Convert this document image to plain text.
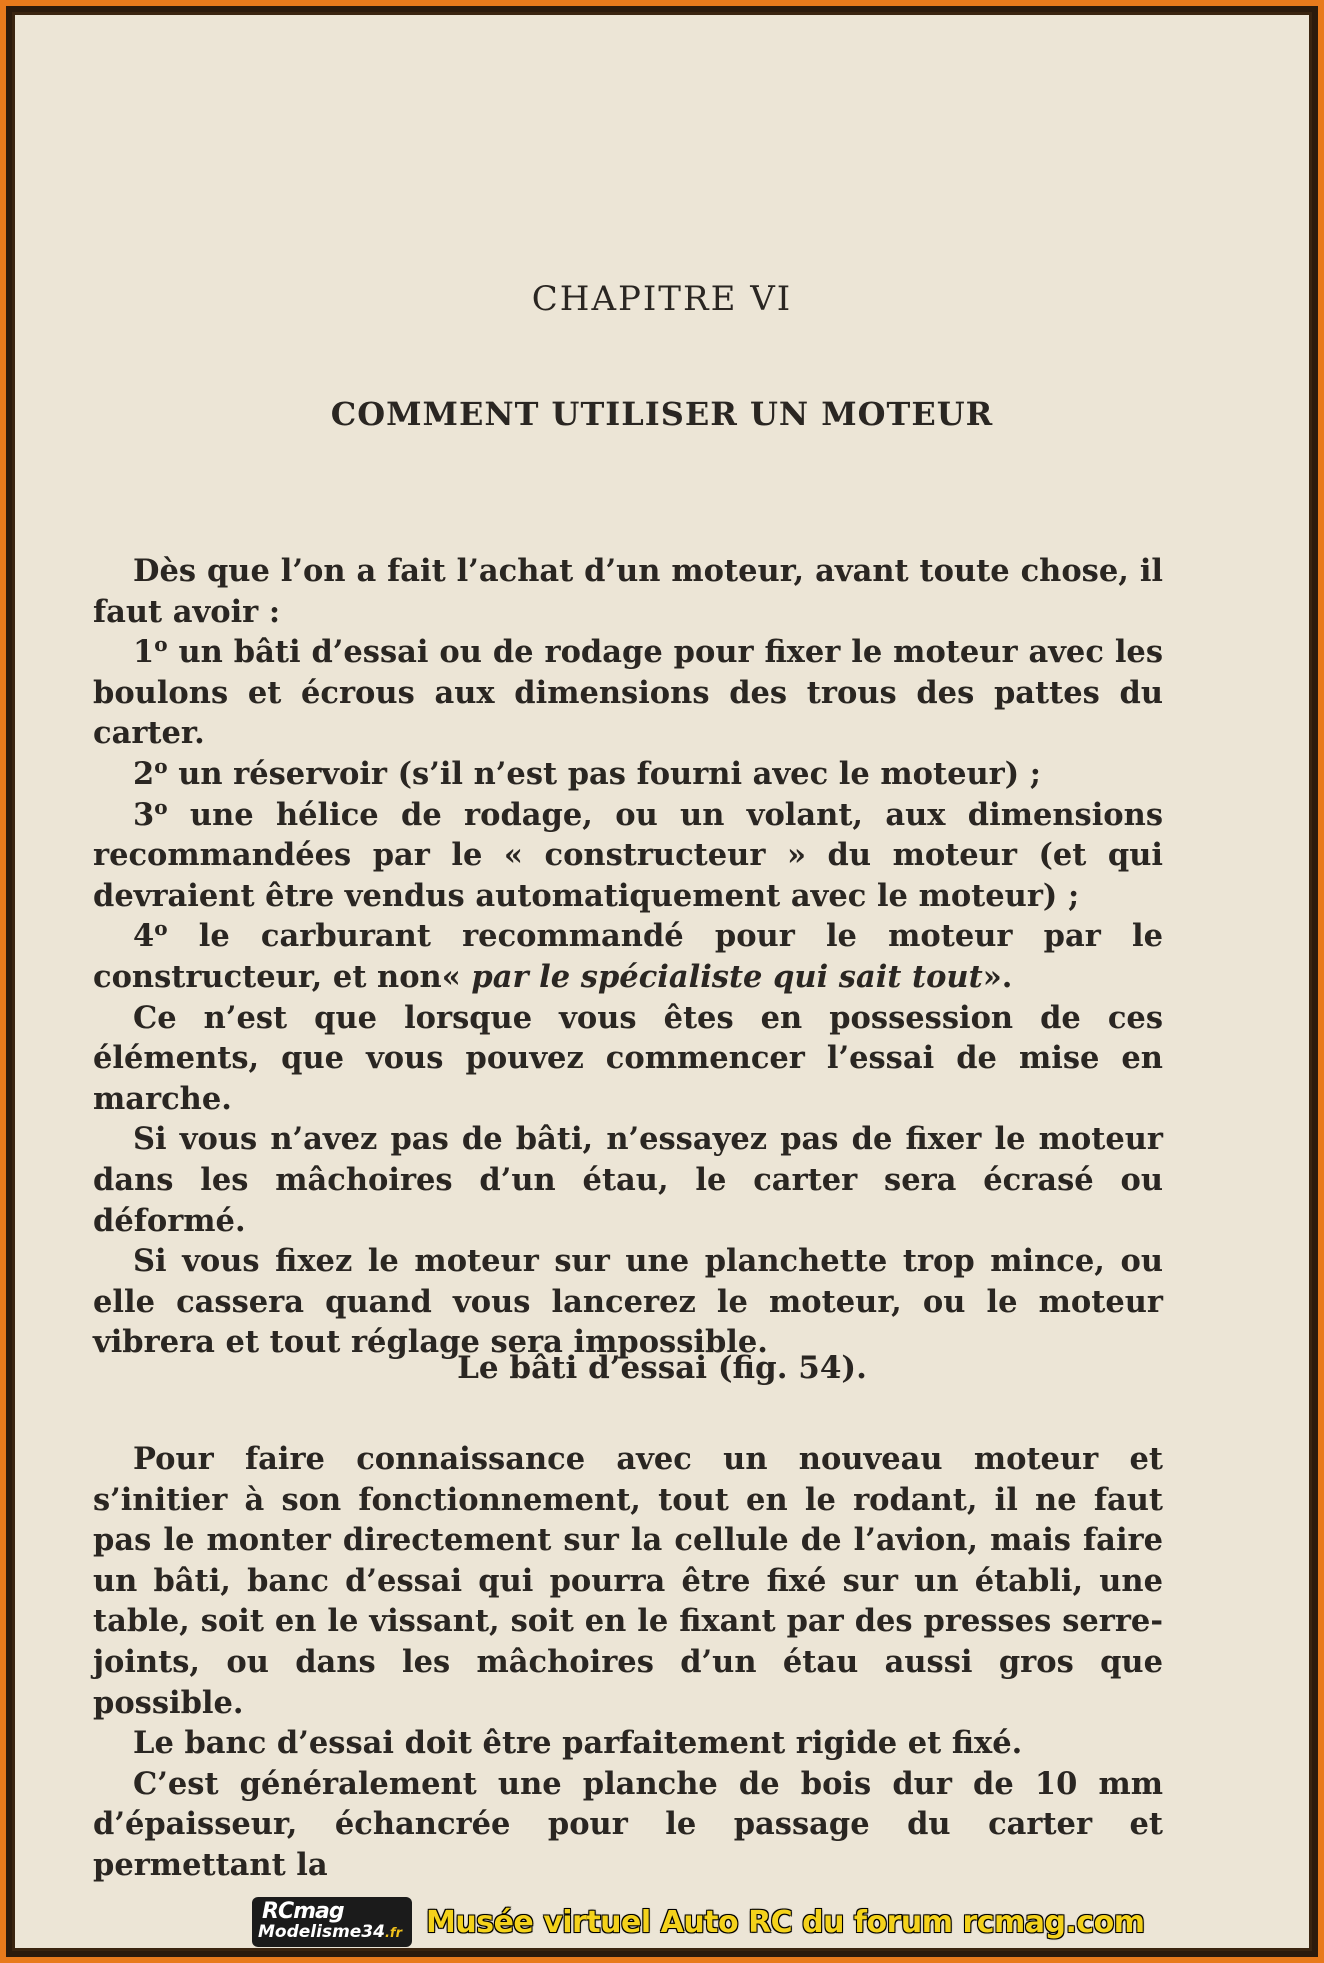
CHAPITRE VI
COMMENT UTILISER UN MOTEUR

Dès que l’on a fait l’achat d’un moteur, avant toute chose, il faut avoir :

1$^o$ un bâti d’essai ou de rodage pour fixer le moteur avec les boulons et écrous aux dimensions des trous des pattes du carter.

2$^o$ un réservoir (s’il n’est pas fourni avec le moteur) ;

3$^o$ une hélice de rodage, ou un volant, aux dimensions recommandées par le « constructeur » du moteur (et qui devraient être vendus automatiquement avec le moteur) ;

4$^o$ le carburant recommandé pour le moteur par le constructeur, et non« par le spécialiste qui sait tout».

Ce n’est que lorsque vous êtes en possession de ces éléments, que vous pouvez commencer l’essai de mise en marche.

Si vous n’avez pas de bâti, n’essayez pas de fixer le moteur dans les mâchoires d’un étau, le carter sera écrasé ou déformé.

Si vous fixez le moteur sur une planchette trop mince, ou elle cassera quand vous lancerez le moteur, ou le moteur vibrera et tout réglage sera impossible.

Le bâti d’essai (fig. 54).

Pour faire connaissance avec un nouveau moteur et s’initier à son fonctionnement, tout en le rodant, il ne faut pas le monter directement sur la cellule de l’avion, mais faire un bâti, banc d’essai qui pourra être fixé sur un établi, une table, soit en le vissant, soit en le fixant par des presses serre-joints, ou dans les mâchoires d’un étau aussi gros que possible.

Le banc d’essai doit être parfaitement rigide et fixé.

C’est généralement une planche de bois dur de 10 mm d’épaisseur, échancrée pour le passage du carter et permettant la

RCmag
Modelisme34.fr Musée virtuel Auto RC du forum rcmag.com
